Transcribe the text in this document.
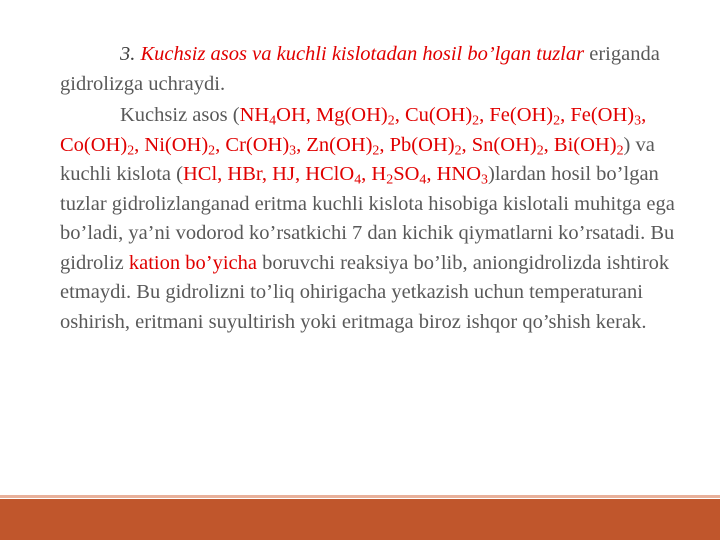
3. Kuchsiz asos va kuchli kislotadan hosil bo’lgan tuzlar eriganda gidrolizga uchraydi.

Kuchsiz asos ($NH_4OH$, $Mg(OH)_2$, $Cu(OH)_2$, $Fe(OH)_2$, $Fe(OH)_3$, $Co(OH)_2$, $Ni(OH)_2$, $Cr(OH)_3$, $Zn(OH)_2$, $Pb(OH)_2$, $Sn(OH)_2$, $Bi(OH)_2$) va kuchli kislota (HCl, HBr, HJ, HClO$_4$, $H_2SO_4$, $HNO_3)lardan$ hosil bo’lgan tuzlar gidrolizlanganad eritma kuchli kislota hisobiga kislotali muhitga ega bo’ladi, ya’ni vodorod ko’rsatkichi 7 dan kichik qiymatlarni ko’rsatadi. Bu gidroliz kation bo’yicha boruvchi reaksiya bo’lib, aniongidrolizda ishtirok etmaydi. Bu gidrolizni to’liq ohirigacha yetkazish uchun temperaturani oshirish, eritmani suyultirish yoki eritmaga biroz ishqor qo’shish kerak.
